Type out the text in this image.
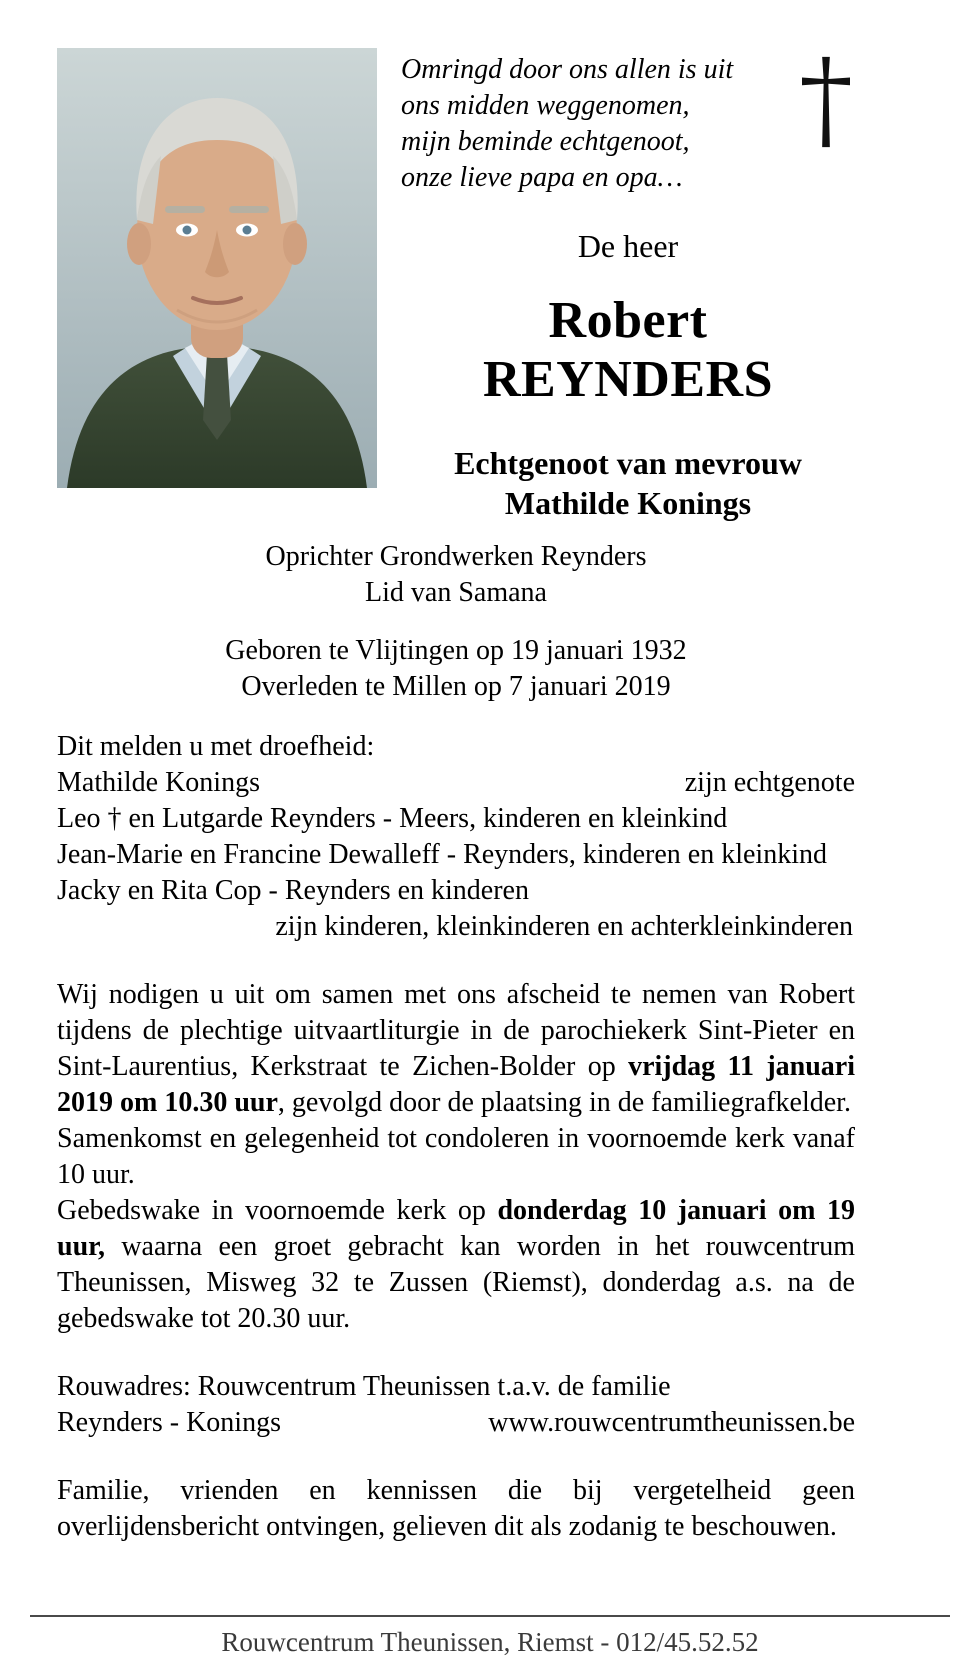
Omringd door ons allen is uit
ons midden weggenomen,
mijn beminde echtgenoot,
onze lieve papa en opa…
De heer
Robert REYNDERS
Echtgenoot van mevrouw
Mathilde Konings
Oprichter Grondwerken Reynders
Lid van Samana
Geboren te Vlijtingen op 19 januari 1932
Overleden te Millen op 7 januari 2019
Dit melden u met droefheid:
Mathilde Konings	zijn echtgenote
Leo † en Lutgarde Reynders - Meers, kinderen en kleinkind
Jean-Marie en Francine Dewalleff - Reynders, kinderen en kleinkind
Jacky en Rita Cop - Reynders en kinderen
zijn kinderen, kleinkinderen en achterkleinkinderen
Wij nodigen u uit om samen met ons afscheid te nemen van Robert tijdens de plechtige uitvaartliturgie in de parochiekerk Sint-Pieter en Sint-Laurentius, Kerkstraat te Zichen-Bolder op vrijdag 11 januari 2019 om 10.30 uur, gevolgd door de plaatsing in de familiegrafkelder.
Samenkomst en gelegenheid tot condoleren in voornoemde kerk vanaf 10 uur.
Gebedswake in voornoemde kerk op donderdag 10 januari om 19 uur, waarna een groet gebracht kan worden in het rouwcentrum Theunissen, Misweg 32 te Zussen (Riemst), donderdag a.s. na de gebedswake tot 20.30 uur.
Rouwadres: Rouwcentrum Theunissen t.a.v. de familie
Reynders - Konings	www.rouwcentrumtheunissen.be
Familie, vrienden en kennissen die bij vergetelheid geen overlijdensbericht ontvingen, gelieven dit als zodanig te beschouwen.
Rouwcentrum Theunissen, Riemst - 012/45.52.52
